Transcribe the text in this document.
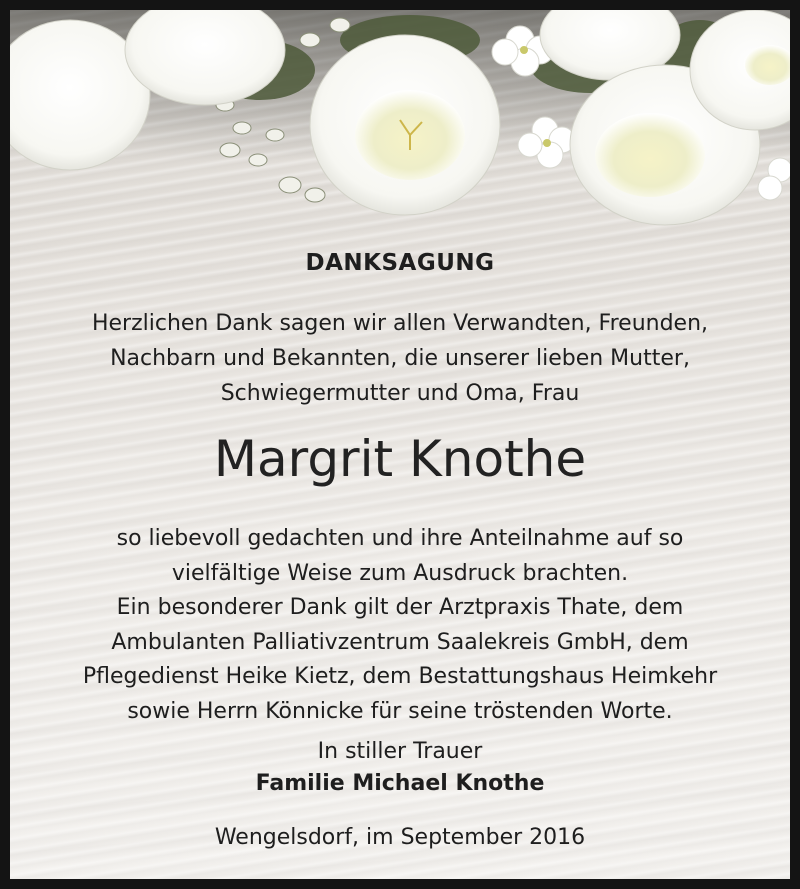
DANKSAGUNG
Herzlichen Dank sagen wir allen Verwandten, Freunden,
Nachbarn und Bekannten, die unserer lieben Mutter,
Schwiegermutter und Oma, Frau
Margrit Knothe
so liebevoll gedachten und ihre Anteilnahme auf so
vielfältige Weise zum Ausdruck brachten.
Ein besonderer Dank gilt der Arztpraxis Thate, dem
Ambulanten Palliativzentrum Saalekreis GmbH, dem
Pflegedienst Heike Kietz, dem Bestattungshaus Heimkehr
sowie Herrn Könnicke für seine tröstenden Worte.
In stiller Trauer
Familie Michael Knothe
Wengelsdorf, im September 2016
